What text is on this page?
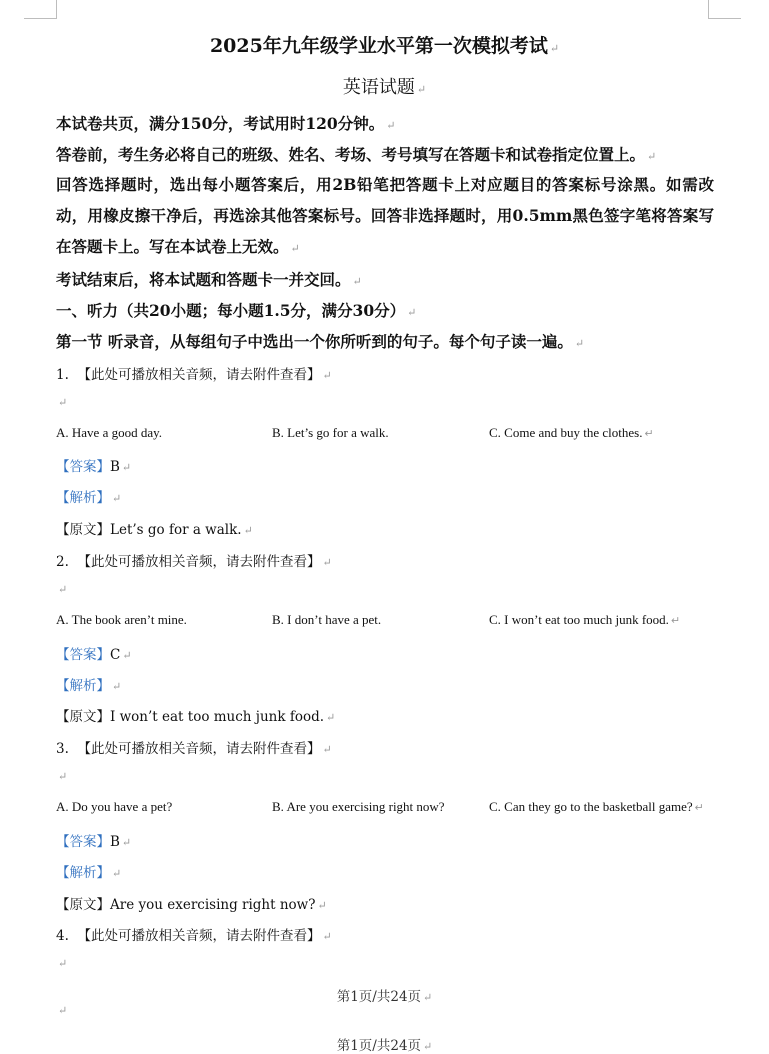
2025年九年级学业水平第一次模拟考试 ↵
英语试题 ↵
本试卷共页，满分150分，考试用时120分钟。 ↵
答卷前，考生务必将自己的班级、姓名、考场、考号填写在答题卡和试卷指定位置上。 ↵
回答选择题时，选出每小题答案后，用2B铅笔把答题卡上对应题目的答案标号涂黑。如需改动，用橡皮擦干净后，再选涂其他答案标号。回答非选择题时，用0.5mm黑色签字笔将答案写在答题卡上。写在本试卷上无效。 ↵
考试结束后，将本试题和答题卡一并交回。 ↵
一、听力（共20小题；每小题1.5分，满分30分） ↵
第一节 听录音，从每组句子中选出一个你所听到的句子。每个句子读一遍。 ↵
1. 【此处可播放相关音频，请去附件查看】 ↵
↵
A. Have a good day.	B. Let’s go for a walk.	C. Come and buy the clothes. ↵
【答案】B ↵
【解析】 ↵
【原文】Let’s go for a walk. ↵
2. 【此处可播放相关音频，请去附件查看】 ↵
↵
A. The book aren’t mine.	B. I don’t have a pet.	C. I won’t eat too much junk food. ↵
【答案】C ↵
【解析】 ↵
【原文】I won’t eat too much junk food. ↵
3. 【此处可播放相关音频，请去附件查看】 ↵
↵
A. Do you have a pet?	B. Are you exercising right now?	C. Can they go to the basketball game? ↵
【答案】B ↵
【解析】 ↵
【原文】Are you exercising right now? ↵
4. 【此处可播放相关音频，请去附件查看】 ↵
↵
第1页/共24页 ↵
↵
第1页/共24页 ↵
